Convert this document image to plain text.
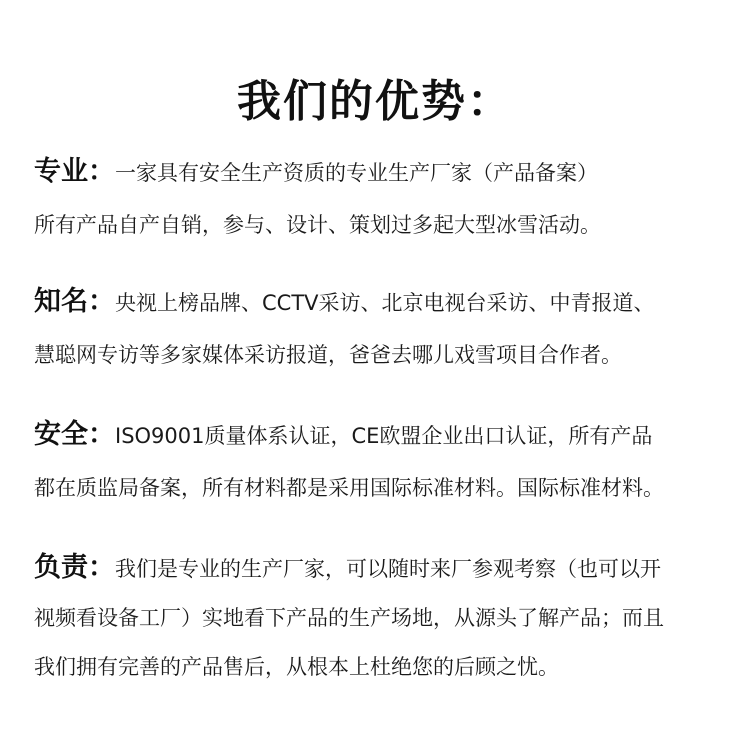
我们的优势：
专业：一家具有安全生产资质的专业生产厂家（产品备案）
所有产品自产自销，参与、设计、策划过多起大型冰雪活动。
知名：央视上榜品牌、CCTV采访、北京电视台采访、中青报道、
慧聪网专访等多家媒体采访报道，爸爸去哪儿戏雪项目合作者。
安全：ISO9001质量体系认证，CE欧盟企业出口认证，所有产品
都在质监局备案，所有材料都是采用国际标准材料。国际标准材料。
负责：我们是专业的生产厂家，可以随时来厂参观考察（也可以开
视频看设备工厂）实地看下产品的生产场地，从源头了解产品；而且
我们拥有完善的产品售后，从根本上杜绝您的后顾之忧。
